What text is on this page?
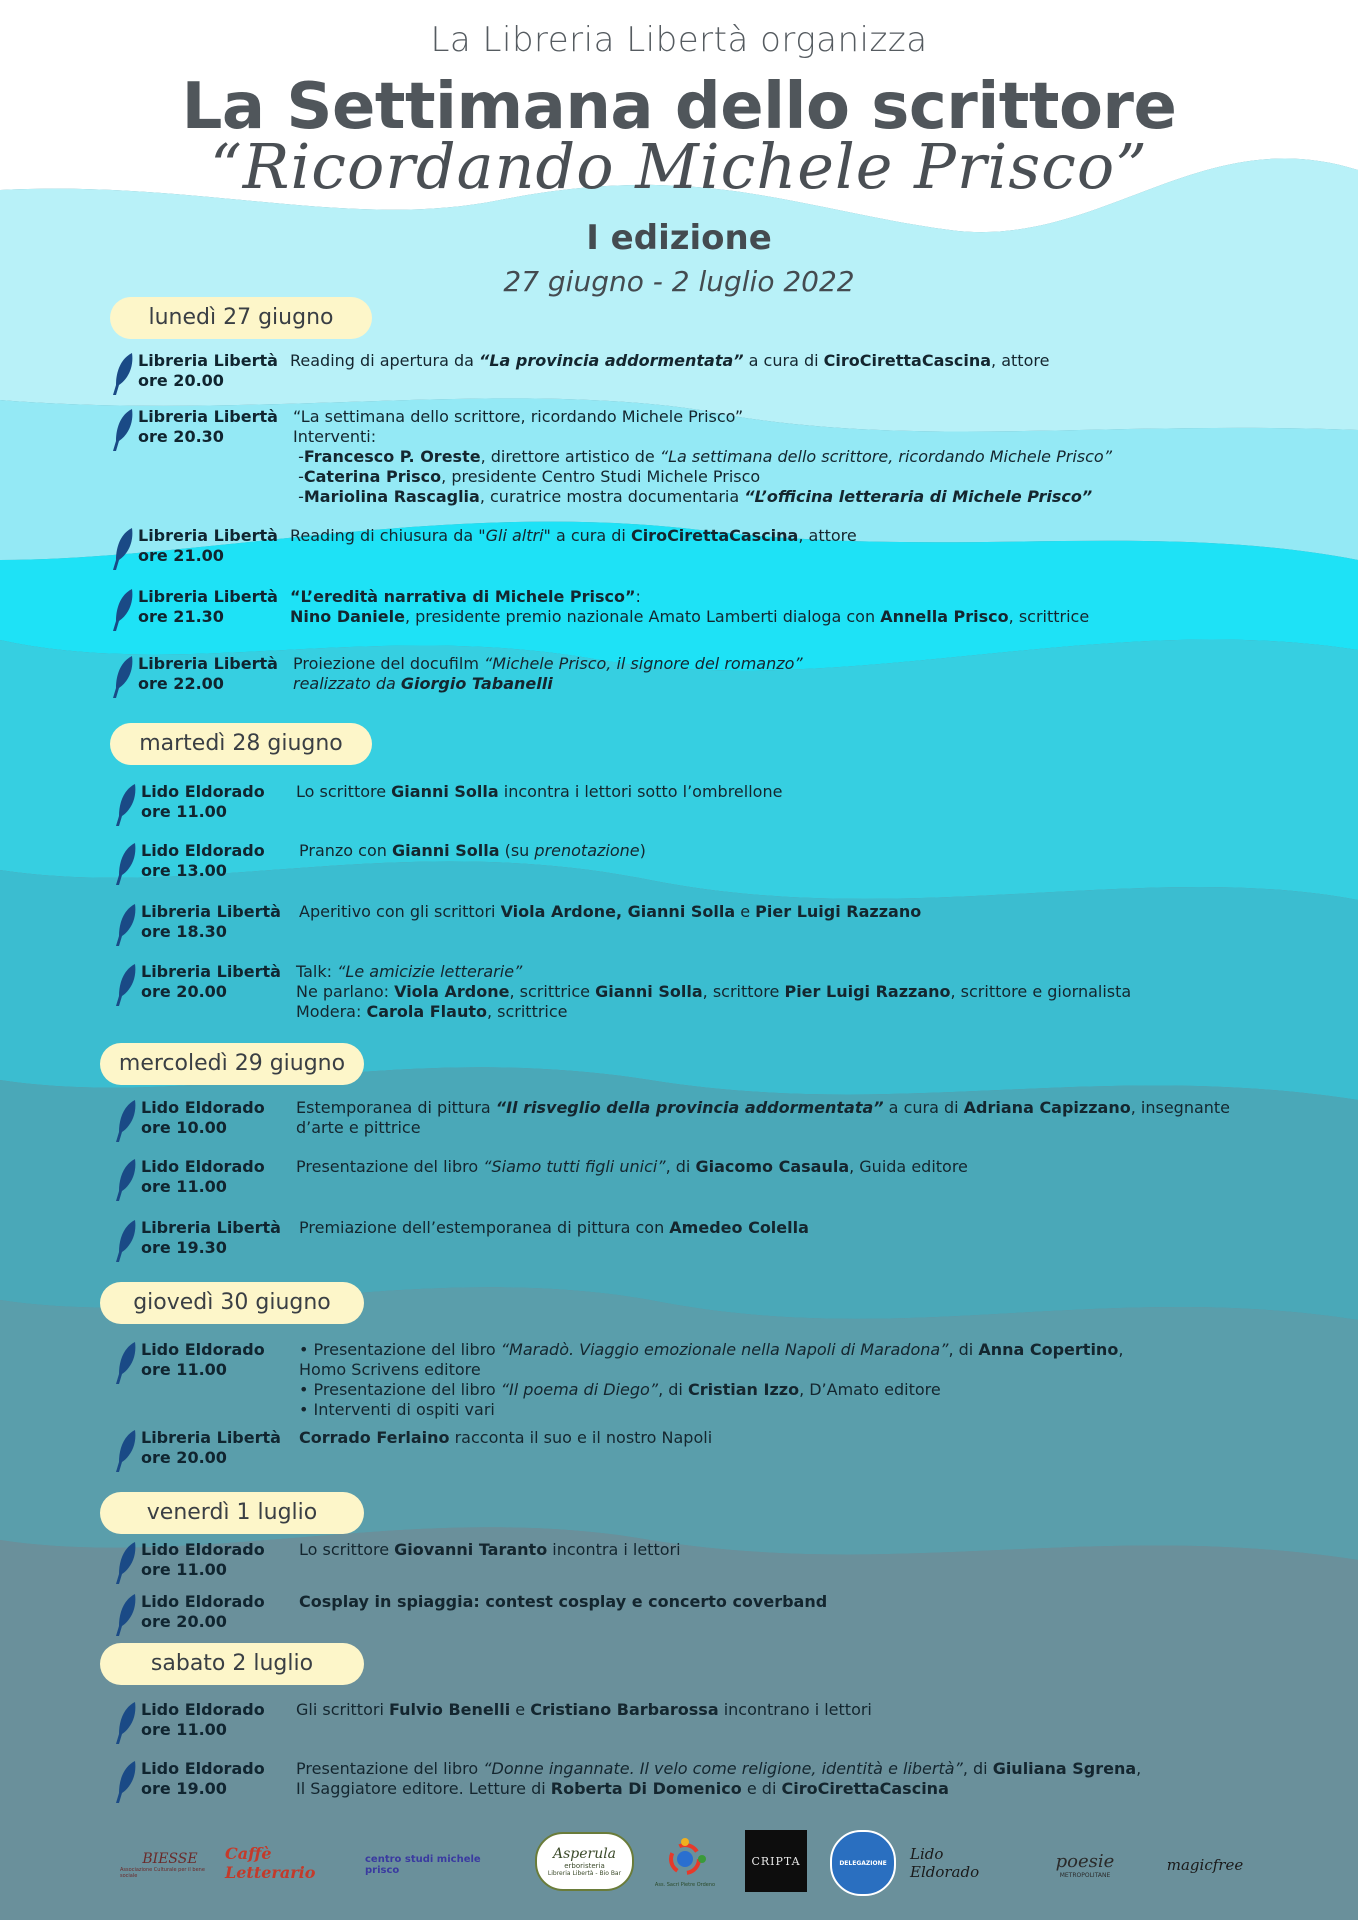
La Libreria Libertà organizza
La Settimana dello scrittore
“Ricordando Michele Prisco”
I edizione
27 giugno - 2 luglio 2022
lunedì 27 giugno
martedì 28 giugno
mercoledì 29 giugno
giovedì 30 giugno
venerdì 1 luglio
sabato 2 luglio
Libreria Libertà
ore 20.00
Reading di apertura da “La provincia addormentata” a cura di CiroCirettaCascina, attore
Libreria Libertà
ore 20.30
“La settimana dello scrittore, ricordando Michele Prisco”
Interventi:
-Francesco P. Oreste, direttore artistico de “La settimana dello scrittore, ricordando Michele Prisco”
-Caterina Prisco, presidente Centro Studi Michele Prisco
-Mariolina Rascaglia, curatrice mostra documentaria “L’officina letteraria di Michele Prisco”
Libreria Libertà
ore 21.00
Reading di chiusura da "Gli altri" a cura di CiroCirettaCascina, attore
Libreria Libertà
ore 21.30
“L’eredità narrativa di Michele Prisco”:
Nino Daniele, presidente premio nazionale Amato Lamberti dialoga con Annella Prisco, scrittrice
Libreria Libertà
ore 22.00
Proiezione del docufilm “Michele Prisco, il signore del romanzo”
realizzato da Giorgio Tabanelli
Lido Eldorado
ore 11.00
Lo scrittore Gianni Solla incontra i lettori sotto l’ombrellone
Lido Eldorado
ore 13.00
Pranzo con Gianni Solla (su prenotazione)
Libreria Libertà
ore 18.30
Aperitivo con gli scrittori Viola Ardone, Gianni Solla e Pier Luigi Razzano
Libreria Libertà
ore 20.00
Talk: “Le amicizie letterarie”
Ne parlano: Viola Ardone, scrittrice Gianni Solla, scrittore Pier Luigi Razzano, scrittore e giornalista
Modera: Carola Flauto, scrittrice
Lido Eldorado
ore 10.00
Estemporanea di pittura “Il risveglio della provincia addormentata” a cura di Adriana Capizzano, insegnante
d’arte e pittrice
Lido Eldorado
ore 11.00
Presentazione del libro “Siamo tutti figli unici”, di Giacomo Casaula, Guida editore
Libreria Libertà
ore 19.30
Premiazione dell’estemporanea di pittura con Amedeo Colella
Lido Eldorado
ore 11.00
• Presentazione del libro “Maradò. Viaggio emozionale nella Napoli di Maradona”, di Anna Copertino,
Homo Scrivens editore
• Presentazione del libro “Il poema di Diego”, di Cristian Izzo, D’Amato editore
• Interventi di ospiti vari
Libreria Libertà
ore 20.00
Corrado Ferlaino racconta il suo e il nostro Napoli
Lido Eldorado
ore 11.00
Lo scrittore Giovanni Taranto incontra i lettori
Lido Eldorado
ore 20.00
Cosplay in spiaggia: contest cosplay e concerto coverband
Lido Eldorado
ore 11.00
Gli scrittori Fulvio Benelli e Cristiano Barbarossa incontrano i lettori
Lido Eldorado
ore 19.00
Presentazione del libro “Donne ingannate. Il velo come religione, identità e libertà”, di Giuliana Sgrena,
Il Saggiatore editore. Letture di Roberta Di Domenico e di CiroCirettaCascina
BIESSE
Associazione Culturale per il bene sociale
Caffè Letterario
centro studi michele prisco
Asperula
erboristeria
Libreria Libertà - Bio Bar
Ass. Sacri Pietre Ordeno
CRIPTA	DELEGAZIONE
Lido Eldorado	poesie
METROPOLITANE
magicfree
